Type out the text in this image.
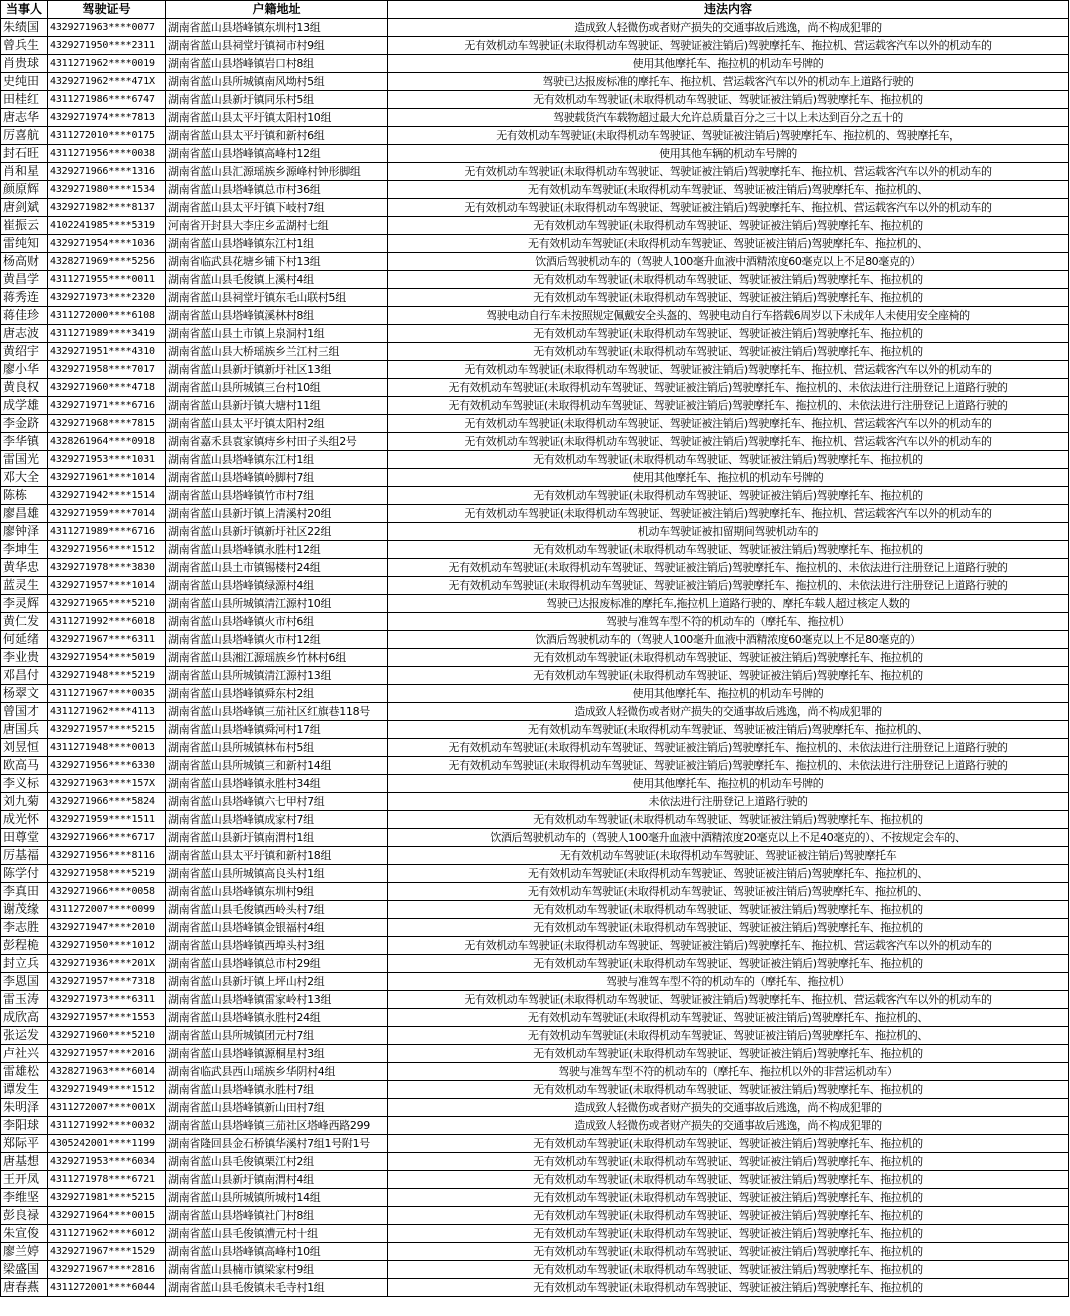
当事人	驾驶证号	户籍地址	违法内容
朱绩国	4329271963****0077	湖南省蓝山县塔峰镇东圳村13组	造成致人轻微伤或者财产损失的交通事故后逃逸，尚不构成犯罪的
曾兵生	4329271950****2311	湖南省蓝山县祠堂圩镇祠市村9组	无有效机动车驾驶证(未取得机动车驾驶证、驾驶证被注销后)驾驶摩托车、拖拉机、营运载客汽车以外的机动车的
肖贵球	4311271962****0019	湖南省蓝山县塔峰镇岩口村8组	使用其他摩托车、拖拉机的机动车号牌的
史纯田	4329271962****471X	湖南省蓝山县所城镇南风坳村5组	驾驶已达报废标准的摩托车、拖拉机、营运载客汽车以外的机动车上道路行驶的
田桂红	4311271986****6747	湖南省蓝山县新圩镇同乐村5组	无有效机动车驾驶证(未取得机动车驾驶证、驾驶证被注销后)驾驶摩托车、拖拉机的
唐志华	4329271974****7813	湖南省蓝山县太平圩镇太阳村10组	驾驶载货汽车载物超过最大允许总质量百分之三十以上未达到百分之五十的
厉喜航	4311272010****0175	湖南省蓝山县太平圩镇和新村6组	无有效机动车驾驶证(未取得机动车驾驶证、驾驶证被注销后)驾驶摩托车、拖拉机的、驾驶摩托车，
封石旺	4311271956****0038	湖南省蓝山县塔峰镇高峰村12组	使用其他车辆的机动车号牌的
肖和星	4329271966****1316	湖南省蓝山县汇源瑶族乡源峰村钟形脚组	无有效机动车驾驶证(未取得机动车驾驶证、驾驶证被注销后)驾驶摩托车、拖拉机、营运载客汽车以外的机动车的
颜原辉	4329271980****1534	湖南省蓝山县塔峰镇总市村36组	无有效机动车驾驶证(未取得机动车驾驶证、驾驶证被注销后)驾驶摩托车、拖拉机的、
唐剑斌	4329271982****8137	湖南省蓝山县太平圩镇下岐村7组	无有效机动车驾驶证(未取得机动车驾驶证、驾驶证被注销后)驾驶摩托车、拖拉机、营运载客汽车以外的机动车的
崔振云	4102241985****5319	河南省开封县大李庄乡孟湖村七组	无有效机动车驾驶证(未取得机动车驾驶证、驾驶证被注销后)驾驶摩托车、拖拉机的
雷纯知	4329271954****1036	湖南省蓝山县塔峰镇东江村1组	无有效机动车驾驶证(未取得机动车驾驶证、驾驶证被注销后)驾驶摩托车、拖拉机的、
杨高财	4328271969****5256	湖南省临武县花塘乡铺下村13组	饮酒后驾驶机动车的（驾驶人100毫升血液中酒精浓度60毫克以上不足80毫克的）
黄昌学	4311271955****0011	湖南省蓝山县毛俊镇上溪村4组	无有效机动车驾驶证(未取得机动车驾驶证、驾驶证被注销后)驾驶摩托车、拖拉机的
蒋秀连	4329271973****2320	湖南省蓝山县祠堂圩镇东毛山联村5组	无有效机动车驾驶证(未取得机动车驾驶证、驾驶证被注销后)驾驶摩托车、拖拉机的
蒋佳珍	4311272000****6108	湖南省蓝山县塔峰镇溪林村8组	驾驶电动自行车未按照规定佩戴安全头盔的、驾驶电动自行车搭载6周岁以下未成年人未使用安全座椅的
唐志波	4311271989****3419	湖南省蓝山县土市镇上泉洞村1组	无有效机动车驾驶证(未取得机动车驾驶证、驾驶证被注销后)驾驶摩托车、拖拉机的
黄绍宇	4329271951****4310	湖南省蓝山县大桥瑶族乡兰江村三组	无有效机动车驾驶证(未取得机动车驾驶证、驾驶证被注销后)驾驶摩托车、拖拉机的
廖小华	4329271958****7017	湖南省蓝山县新圩镇新圩社区13组	无有效机动车驾驶证(未取得机动车驾驶证、驾驶证被注销后)驾驶摩托车、拖拉机、营运载客汽车以外的机动车的
黄良权	4329271960****4718	湖南省蓝山县所城镇三台村10组	无有效机动车驾驶证(未取得机动车驾驶证、驾驶证被注销后)驾驶摩托车、拖拉机的、未依法进行注册登记上道路行驶的
成学雄	4329271971****6716	湖南省蓝山县新圩镇大塘村11组	无有效机动车驾驶证(未取得机动车驾驶证、驾驶证被注销后)驾驶摩托车、拖拉机的、未依法进行注册登记上道路行驶的
李金跻	4329271968****7815	湖南省蓝山县太平圩镇太阳村2组	无有效机动车驾驶证(未取得机动车驾驶证、驾驶证被注销后)驾驶摩托车、拖拉机、营运载客汽车以外的机动车的
李华镇	4328261964****0918	湖南省嘉禾县袁家镇痔乡村田子头组2号	无有效机动车驾驶证(未取得机动车驾驶证、驾驶证被注销后)驾驶摩托车、拖拉机、营运载客汽车以外的机动车的
雷国光	4329271953****1031	湖南省蓝山县塔峰镇东江村1组	无有效机动车驾驶证(未取得机动车驾驶证、驾驶证被注销后)驾驶摩托车、拖拉机的
邓大全	4329271961****1014	湖南省蓝山县塔峰镇岭脚村7组	使用其他摩托车、拖拉机的机动车号牌的
陈栋	4329271942****1514	湖南省蓝山县塔峰镇竹市村7组	无有效机动车驾驶证(未取得机动车驾驶证、驾驶证被注销后)驾驶摩托车、拖拉机的
廖昌雄	4329271959****7014	湖南省蓝山县新圩镇上清溪村20组	无有效机动车驾驶证(未取得机动车驾驶证、驾驶证被注销后)驾驶摩托车、拖拉机、营运载客汽车以外的机动车的
廖钟泽	4311271989****6716	湖南省蓝山县新圩镇新圩社区22组	机动车驾驶证被扣留期间驾驶机动车的
李坤生	4329271956****1512	湖南省蓝山县塔峰镇永胜村12组	无有效机动车驾驶证(未取得机动车驾驶证、驾驶证被注销后)驾驶摩托车、拖拉机的
黄华忠	4329271978****3830	湖南省蓝山县土市镇锡楼村24组	无有效机动车驾驶证(未取得机动车驾驶证、驾驶证被注销后)驾驶摩托车、拖拉机的、未依法进行注册登记上道路行驶的
蓝灵生	4329271957****1014	湖南省蓝山县塔峰镇绿源村4组	无有效机动车驾驶证(未取得机动车驾驶证、驾驶证被注销后)驾驶摩托车、拖拉机的、未依法进行注册登记上道路行驶的
李灵辉	4329271965****5210	湖南省蓝山县所城镇清江源村10组	驾驶已达报废标准的摩托车,拖拉机上道路行驶的、摩托车载人超过核定人数的
黄仁发	4311271992****6018	湖南省蓝山县塔峰镇火市村6组	驾驶与准驾车型不符的机动车的（摩托车、拖拉机）
何延绪	4329271967****6311	湖南省蓝山县塔峰镇火市村12组	饮酒后驾驶机动车的（驾驶人100毫升血液中酒精浓度60毫克以上不足80毫克的）
李业贵	4329271954****5019	湖南省蓝山县湘江源瑶族乡竹林村6组	无有效机动车驾驶证(未取得机动车驾驶证、驾驶证被注销后)驾驶摩托车、拖拉机的
邓昌付	4329271948****5219	湖南省蓝山县所城镇清江源村13组	无有效机动车驾驶证(未取得机动车驾驶证、驾驶证被注销后)驾驶摩托车、拖拉机的
杨翠文	4311271967****0035	湖南省蓝山县塔峰镇舜东村2组	使用其他摩托车、拖拉机的机动车号牌的
曾国才	4311271962****4113	湖南省蓝山县塔峰镇三茄社区红旗巷118号	造成致人轻微伤或者财产损失的交通事故后逃逸，尚不构成犯罪的
唐国兵	4329271957****5215	湖南省蓝山县塔峰镇舜河村17组	无有效机动车驾驶证(未取得机动车驾驶证、驾驶证被注销后)驾驶摩托车、拖拉机的、
刘昱恒	4311271948****0013	湖南省蓝山县所城镇林布村5组	无有效机动车驾驶证(未取得机动车驾驶证、驾驶证被注销后)驾驶摩托车、拖拉机的、未依法进行注册登记上道路行驶的
欧高马	4329271956****6330	湖南省蓝山县所城镇三和新村14组	无有效机动车驾驶证(未取得机动车驾驶证、驾驶证被注销后)驾驶摩托车、拖拉机的、未依法进行注册登记上道路行驶的
李义标	4329271963****157X	湖南省蓝山县塔峰镇永胜村34组	使用其他摩托车、拖拉机的机动车号牌的
刘九菊	4329271966****5824	湖南省蓝山县塔峰镇六七甲村7组	未依法进行注册登记上道路行驶的
成光怀	4329271959****1511	湖南省蓝山县塔峰镇成家村7组	无有效机动车驾驶证(未取得机动车驾驶证、驾驶证被注销后)驾驶摩托车、拖拉机的
田尊堂	4329271966****6717	湖南省蓝山县新圩镇南渭村1组	饮酒后驾驶机动车的（驾驶人100毫升血液中酒精浓度20毫克以上不足40毫克的）、不按规定会车的、
厉基福	4329271956****8116	湖南省蓝山县太平圩镇和新村18组	无有效机动车驾驶证(未取得机动车驾驶证、驾驶证被注销后)驾驶摩托车
陈学付	4329271958****5219	湖南省蓝山县所城镇高良头村1组	无有效机动车驾驶证(未取得机动车驾驶证、驾驶证被注销后)驾驶摩托车、拖拉机的、
李真田	4329271966****0058	湖南省蓝山县塔峰镇东圳村9组	无有效机动车驾驶证(未取得机动车驾驶证、驾驶证被注销后)驾驶摩托车、拖拉机的、
谢茂缘	4311272007****0099	湖南省蓝山县毛俊镇西岭头村7组	无有效机动车驾驶证(未取得机动车驾驶证、驾驶证被注销后)驾驶摩托车、拖拉机的
李志胜	4329271947****2010	湖南省蓝山县塔峰镇金银福村4组	无有效机动车驾驶证(未取得机动车驾驶证、驾驶证被注销后)驾驶摩托车、拖拉机的
彭程桅	4329271950****1012	湖南省蓝山县塔峰镇西埠头村3组	无有效机动车驾驶证(未取得机动车驾驶证、驾驶证被注销后)驾驶摩托车、拖拉机、营运载客汽车以外的机动车的
封立兵	4329271936****201X	湖南省蓝山县塔峰镇总市村29组	无有效机动车驾驶证(未取得机动车驾驶证、驾驶证被注销后)驾驶摩托车、拖拉机的
李恩国	4329271957****7318	湖南省蓝山县新圩镇上坪山村2组	驾驶与准驾车型不符的机动车的（摩托车、拖拉机）
雷玉涛	4329271973****6311	湖南省蓝山县塔峰镇雷家岭村13组	无有效机动车驾驶证(未取得机动车驾驶证、驾驶证被注销后)驾驶摩托车、拖拉机、营运载客汽车以外的机动车的
成欣高	4329271957****1553	湖南省蓝山县塔峰镇永胜村24组	无有效机动车驾驶证(未取得机动车驾驶证、驾驶证被注销后)驾驶摩托车、拖拉机的、
张运发	4329271960****5210	湖南省蓝山县所城镇团元村7组	无有效机动车驾驶证(未取得机动车驾驶证、驾驶证被注销后)驾驶摩托车、拖拉机的、
卢社兴	4329271957****2016	湖南省蓝山县塔峰镇源桐星村3组	无有效机动车驾驶证(未取得机动车驾驶证、驾驶证被注销后)驾驶摩托车、拖拉机的
雷雄松	4328271963****6014	湖南省临武县西山瑶族乡华阴村4组	驾驶与准驾车型不符的机动车的（摩托车、拖拉机以外的非营运机动车）
谭发生	4329271949****1512	湖南省蓝山县塔峰镇永胜村7组	无有效机动车驾驶证(未取得机动车驾驶证、驾驶证被注销后)驾驶摩托车、拖拉机的
朱明泽	4311272007****001X	湖南省蓝山县塔峰镇新山田村7组	造成致人轻微伤或者财产损失的交通事故后逃逸，尚不构成犯罪的
李阳球	4311271992****0032	湖南省蓝山县塔峰镇三茄社区塔峰西路299	造成致人轻微伤或者财产损失的交通事故后逃逸，尚不构成犯罪的
郑际平	4305242001****1199	湖南省隆回县金石桥镇华溪村7组1号附1号	无有效机动车驾驶证(未取得机动车驾驶证、驾驶证被注销后)驾驶摩托车、拖拉机的
唐基想	4329271953****6034	湖南省蓝山县毛俊镇栗江村2组	无有效机动车驾驶证(未取得机动车驾驶证、驾驶证被注销后)驾驶摩托车、拖拉机的
王开凤	4311271978****6721	湖南省蓝山县新圩镇南渭村4组	无有效机动车驾驶证(未取得机动车驾驶证、驾驶证被注销后)驾驶摩托车、拖拉机的
李维坚	4329271981****5215	湖南省蓝山县所城镇所城村14组	无有效机动车驾驶证(未取得机动车驾驶证、驾驶证被注销后)驾驶摩托车、拖拉机的
彭良禄	4329271964****0015	湖南省蓝山县塔峰镇社门村8组	无有效机动车驾驶证(未取得机动车驾驶证、驾驶证被注销后)驾驶摩托车、拖拉机的
朱宣俊	4311271962****6012	湖南省蓝山县毛俊镇漕元村十组	无有效机动车驾驶证(未取得机动车驾驶证、驾驶证被注销后)驾驶摩托车、拖拉机的
廖兰婷	4329271967****1529	湖南省蓝山县塔峰镇高峰村10组	无有效机动车驾驶证(未取得机动车驾驶证、驾驶证被注销后)驾驶摩托车、拖拉机的
梁盛国	4329271967****2816	湖南省蓝山县楠市镇梁家村9组	无有效机动车驾驶证(未取得机动车驾驶证、驾驶证被注销后)驾驶摩托车、拖拉机的
唐春燕	4311272001****6044	湖南省蓝山县毛俊镇未毛寺村1组	无有效机动车驾驶证(未取得机动车驾驶证、驾驶证被注销后)驾驶摩托车、拖拉机的
